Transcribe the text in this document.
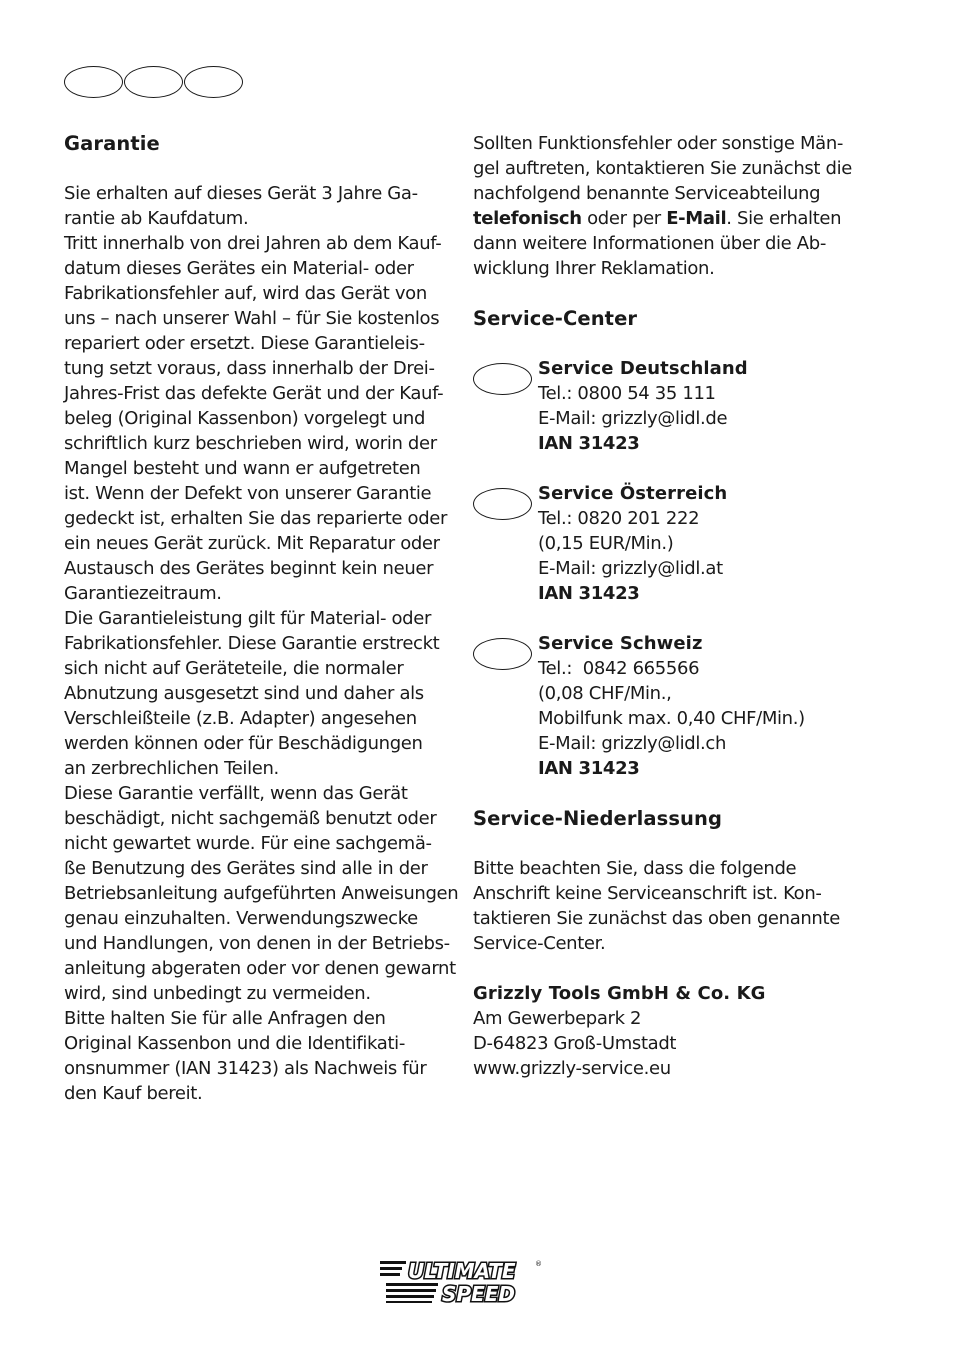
Garantie
Sie erhalten auf dieses Gerät 3 Jahre Ga-
rantie ab Kaufdatum.
Tritt innerhalb von drei Jahren ab dem Kauf-
datum dieses Gerätes ein Material- oder
Fabrikationsfehler auf, wird das Gerät von
uns – nach unserer Wahl – für Sie kostenlos
repariert oder ersetzt. Diese Garantieleis-
tung setzt voraus, dass innerhalb der Drei-
Jahres-Frist das defekte Gerät und der Kauf-
beleg (Original Kassenbon) vorgelegt und
schriftlich kurz beschrieben wird, worin der
Mangel besteht und wann er aufgetreten
ist. Wenn der Defekt von unserer Garantie
gedeckt ist, erhalten Sie das reparierte oder
ein neues Gerät zurück. Mit Reparatur oder
Austausch des Gerätes beginnt kein neuer
Garantiezeitraum.
Die Garantieleistung gilt für Material- oder
Fabrikationsfehler. Diese Garantie erstreckt
sich nicht auf Geräteteile, die normaler
Abnutzung ausgesetzt sind und daher als
Verschleißteile (z.B. Adapter) angesehen
werden können oder für Beschädigungen
an zerbrechlichen Teilen.
Diese Garantie verfällt, wenn das Gerät
beschädigt, nicht sachgemäß benutzt oder
nicht gewartet wurde. Für eine sachgemä-
ße Benutzung des Gerätes sind alle in der
Betriebsanleitung aufgeführten Anweisungen
genau einzuhalten. Verwendungszwecke
und Handlungen, von denen in der Betriebs-
anleitung abgeraten oder vor denen gewarnt
wird, sind unbedingt zu vermeiden.
Bitte halten Sie für alle Anfragen den
Original Kassenbon und die Identifikati-
onsnummer (IAN 31423) als Nachweis für
den Kauf bereit.
Sollten Funktionsfehler oder sonstige Män-
gel auftreten, kontaktieren Sie zunächst die
nachfolgend benannte Serviceabteilung
telefonisch oder per E-Mail. Sie erhalten
dann weitere Informationen über die Ab-
wicklung Ihrer Reklamation.
Service-Center
Service Deutschland
Tel.: 0800 54 35 111
E-Mail: grizzly@lidl.de
IAN 31423
Service Österreich
Tel.: 0820 201 222
(0,15 EUR/Min.)
E-Mail: grizzly@lidl.at
IAN 31423
Service Schweiz
Tel.:  0842 665566
(0,08 CHF/Min.,
Mobilfunk max. 0,40 CHF/Min.)
E-Mail: grizzly@lidl.ch
IAN 31423
Service-Niederlassung
Bitte beachten Sie, dass die folgende
Anschrift keine Serviceanschrift ist. Kon-
taktieren Sie zunächst das oben genannte
Service-Center.
Grizzly Tools GmbH & Co. KG
Am Gewerbepark 2
D-64823 Groß-Umstadt
www.grizzly-service.eu
ULTIMATE
SPEED
®
